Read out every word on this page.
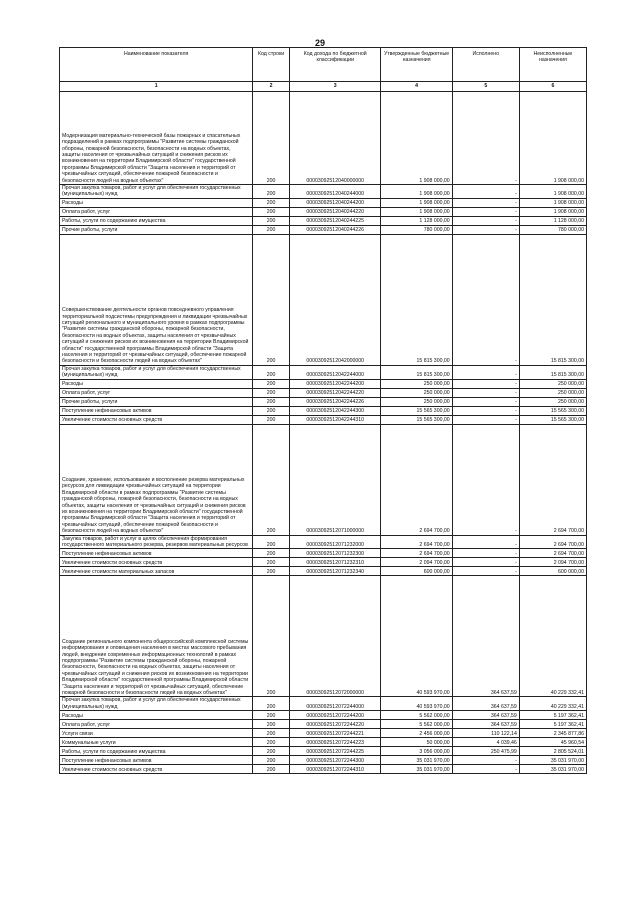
29
Наименование показателя	Код строки	Код дохода по бюджетной классификации	Утвержденные бюджетные назначения	Исполнено	Неисполненные назначения
1	2	3	4	5	6
Модернизация материально-технической базы пожарных и спасательных подразделений в рамках подпрограммы "Развитие системы гражданской обороны, пожарной безопасности, безопасности на водных объектах, защиты населения от чрезвычайных ситуаций и снижения рисков их возникновения на территории Владимирской области" государственной программы Владимирской области "Защита населения и территорий от чрезвычайных ситуаций, обеспечение пожарной безопасности и безопасности людей на водных объектах"	200	00003092512040000000	1 908 000,00	-	1 908 000,00
Прочая закупка товаров, работ и услуг для обеспечения государственных (муниципальных) нужд	200	00003092512040244000	1 908 000,00	-	1 908 000,00
Расходы	200	00003092512040244200	1 908 000,00	-	1 908 000,00
Оплата работ, услуг	200	00003092512040244220	1 908 000,00	-	1 908 000,00
Работы, услуги по содержанию имущества	200	00003092512040244225	1 128 000,00	-	1 128 000,00
Прочие работы, услуги	200	00003092512040244226	780 000,00	-	780 000,00
Совершенствование деятельности органов повседневного управления территориальной подсистемы предупреждения и ликвидации чрезвычайных ситуаций регионального и муниципального уровня в рамках подпрограммы "Развитие системы гражданской обороны, пожарной безопасности, безопасности на водных объектах, защиты населения от чрезвычайных ситуаций и снижения рисков их возникновения на территории Владимирской области" государственной программы Владимирской области "Защита населения и территорий от чрезвычайных ситуаций, обеспечение пожарной безопасности и безопасности людей на водных объектах"	200	00003092512042000000	15 815 300,00	-	15 815 300,00
Прочая закупка товаров, работ и услуг для обеспечения государственных (муниципальных) нужд	200	00003092512042244000	15 815 300,00	-	15 815 300,00
Расходы	200	00003092512042244200	250 000,00	-	250 000,00
Оплата работ, услуг	200	00003092512042244220	250 000,00	-	250 000,00
Прочие работы, услуги	200	00003092512042244226	250 000,00	-	250 000,00
Поступление нефинансовых активов	200	00003092512042244300	15 565 300,00	-	15 565 300,00
Увеличение стоимости основных средств	200	00003092512042244310	15 565 300,00	-	15 565 300,00
Создание, хранение, использование и восполнение резерва материальных ресурсов для ликвидации чрезвычайных ситуаций на территории Владимирской области в рамках подпрограммы "Развитие системы гражданской обороны, пожарной безопасности, безопасности на водных объектах, защиты населения от чрезвычайных ситуаций и снижения рисков их возникновения на территории Владимирской области" государственной программы Владимирской области "Защита населения и территорий от чрезвычайных ситуаций, обеспечение пожарной безопасности и безопасности людей на водных объектах"	200	00003092512071000000	2 694 700,00	-	2 694 700,00
Закупка товаров, работ и услуг в целях обеспечения формирования государственного материального резерва, резервов материальных ресурсов	200	00003092512071232000	2 694 700,00	-	2 694 700,00
Поступление нефинансовых активов	200	00003092512071232300	2 694 700,00	-	2 694 700,00
Увеличение стоимости основных средств	200	00003092512071232310	2 094 700,00	-	2 094 700,00
Увеличение стоимости материальных запасов	200	00003092512071232340	600 000,00	-	600 000,00
Создание регионального компонента общероссийской комплексной системы информирования и оповещения населения в местах массового пребывания людей, внедрение современных информационных технологий в рамках подпрограммы "Развитие системы гражданской обороны, пожарной безопасности, безопасности на водных объектах, защиты населения от чрезвычайных ситуаций и снижения рисков их возникновения на территории Владимирской области" государственной программы Владимирской области "Защита населения и территорий от чрезвычайных ситуаций, обеспечение пожарной безопасности и безопасности людей на водных объектах"	200	00003092512072000000	40 593 970,00	364 637,59	40 229 332,41
Прочая закупка товаров, работ и услуг для обеспечения государственных (муниципальных) нужд	200	00003092512072244000	40 593 970,00	364 637,59	40 229 332,41
Расходы	200	00003092512072244200	5 562 000,00	364 637,59	5 197 362,41
Оплата работ, услуг	200	00003092512072244220	5 562 000,00	364 637,59	5 197 362,41
Услуги связи	200	00003092512072244221	2 456 000,00	110 122,14	2 345 877,86
Коммунальные услуги	200	00003092512072244223	50 000,00	4 039,46	45 960,54
Работы, услуги по содержанию имущества	200	00003092512072244225	3 056 000,00	250 475,99	2 805 524,01
Поступление нефинансовых активов	200	00003092512072244300	35 031 970,00	-	35 031 970,00
Увеличение стоимости основных средств	200	00003092512072244310	35 031 970,00	-	35 031 970,00
